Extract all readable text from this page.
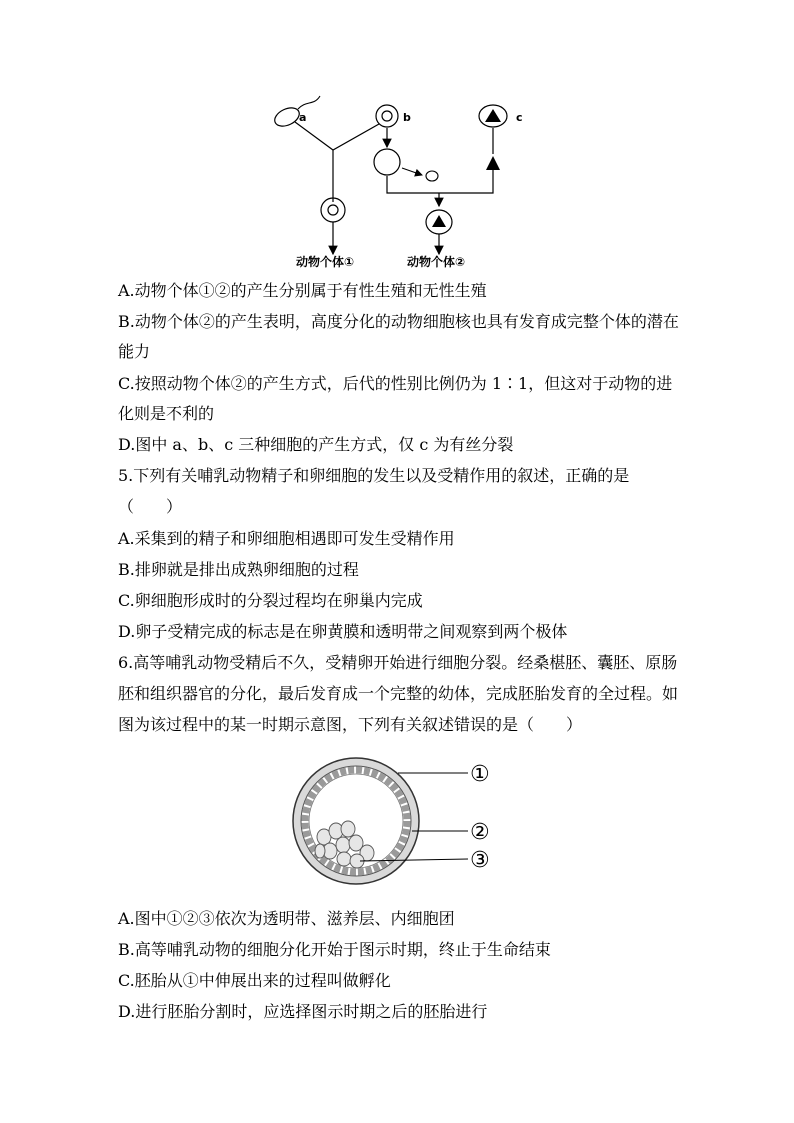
a	b	c
动物个体①	动物个体②
A.动物个体①②的产生分别属于有性生殖和无性生殖
B.动物个体②的产生表明，高度分化的动物细胞核也具有发育成完整个体的潜在
能力
C.按照动物个体②的产生方式，后代的性别比例仍为 1∶1，但这对于动物的进
化则是不利的
D.图中 a、b、c 三种细胞的产生方式，仅 c 为有丝分裂
5.下列有关哺乳动物精子和卵细胞的发生以及受精作用的叙述，正确的是
（　　）
A.采集到的精子和卵细胞相遇即可发生受精作用
B.排卵就是排出成熟卵细胞的过程
C.卵细胞形成时的分裂过程均在卵巢内完成
D.卵子受精完成的标志是在卵黄膜和透明带之间观察到两个极体
6.高等哺乳动物受精后不久，受精卵开始进行细胞分裂。经桑椹胚、囊胚、原肠
胚和组织器官的分化，最后发育成一个完整的幼体，完成胚胎发育的全过程。如
图为该过程中的某一时期示意图，下列有关叙述错误的是（　　）
①
②
③
A.图中①②③依次为透明带、滋养层、内细胞团
B.高等哺乳动物的细胞分化开始于图示时期，终止于生命结束
C.胚胎从①中伸展出来的过程叫做孵化
D.进行胚胎分割时，应选择图示时期之后的胚胎进行
